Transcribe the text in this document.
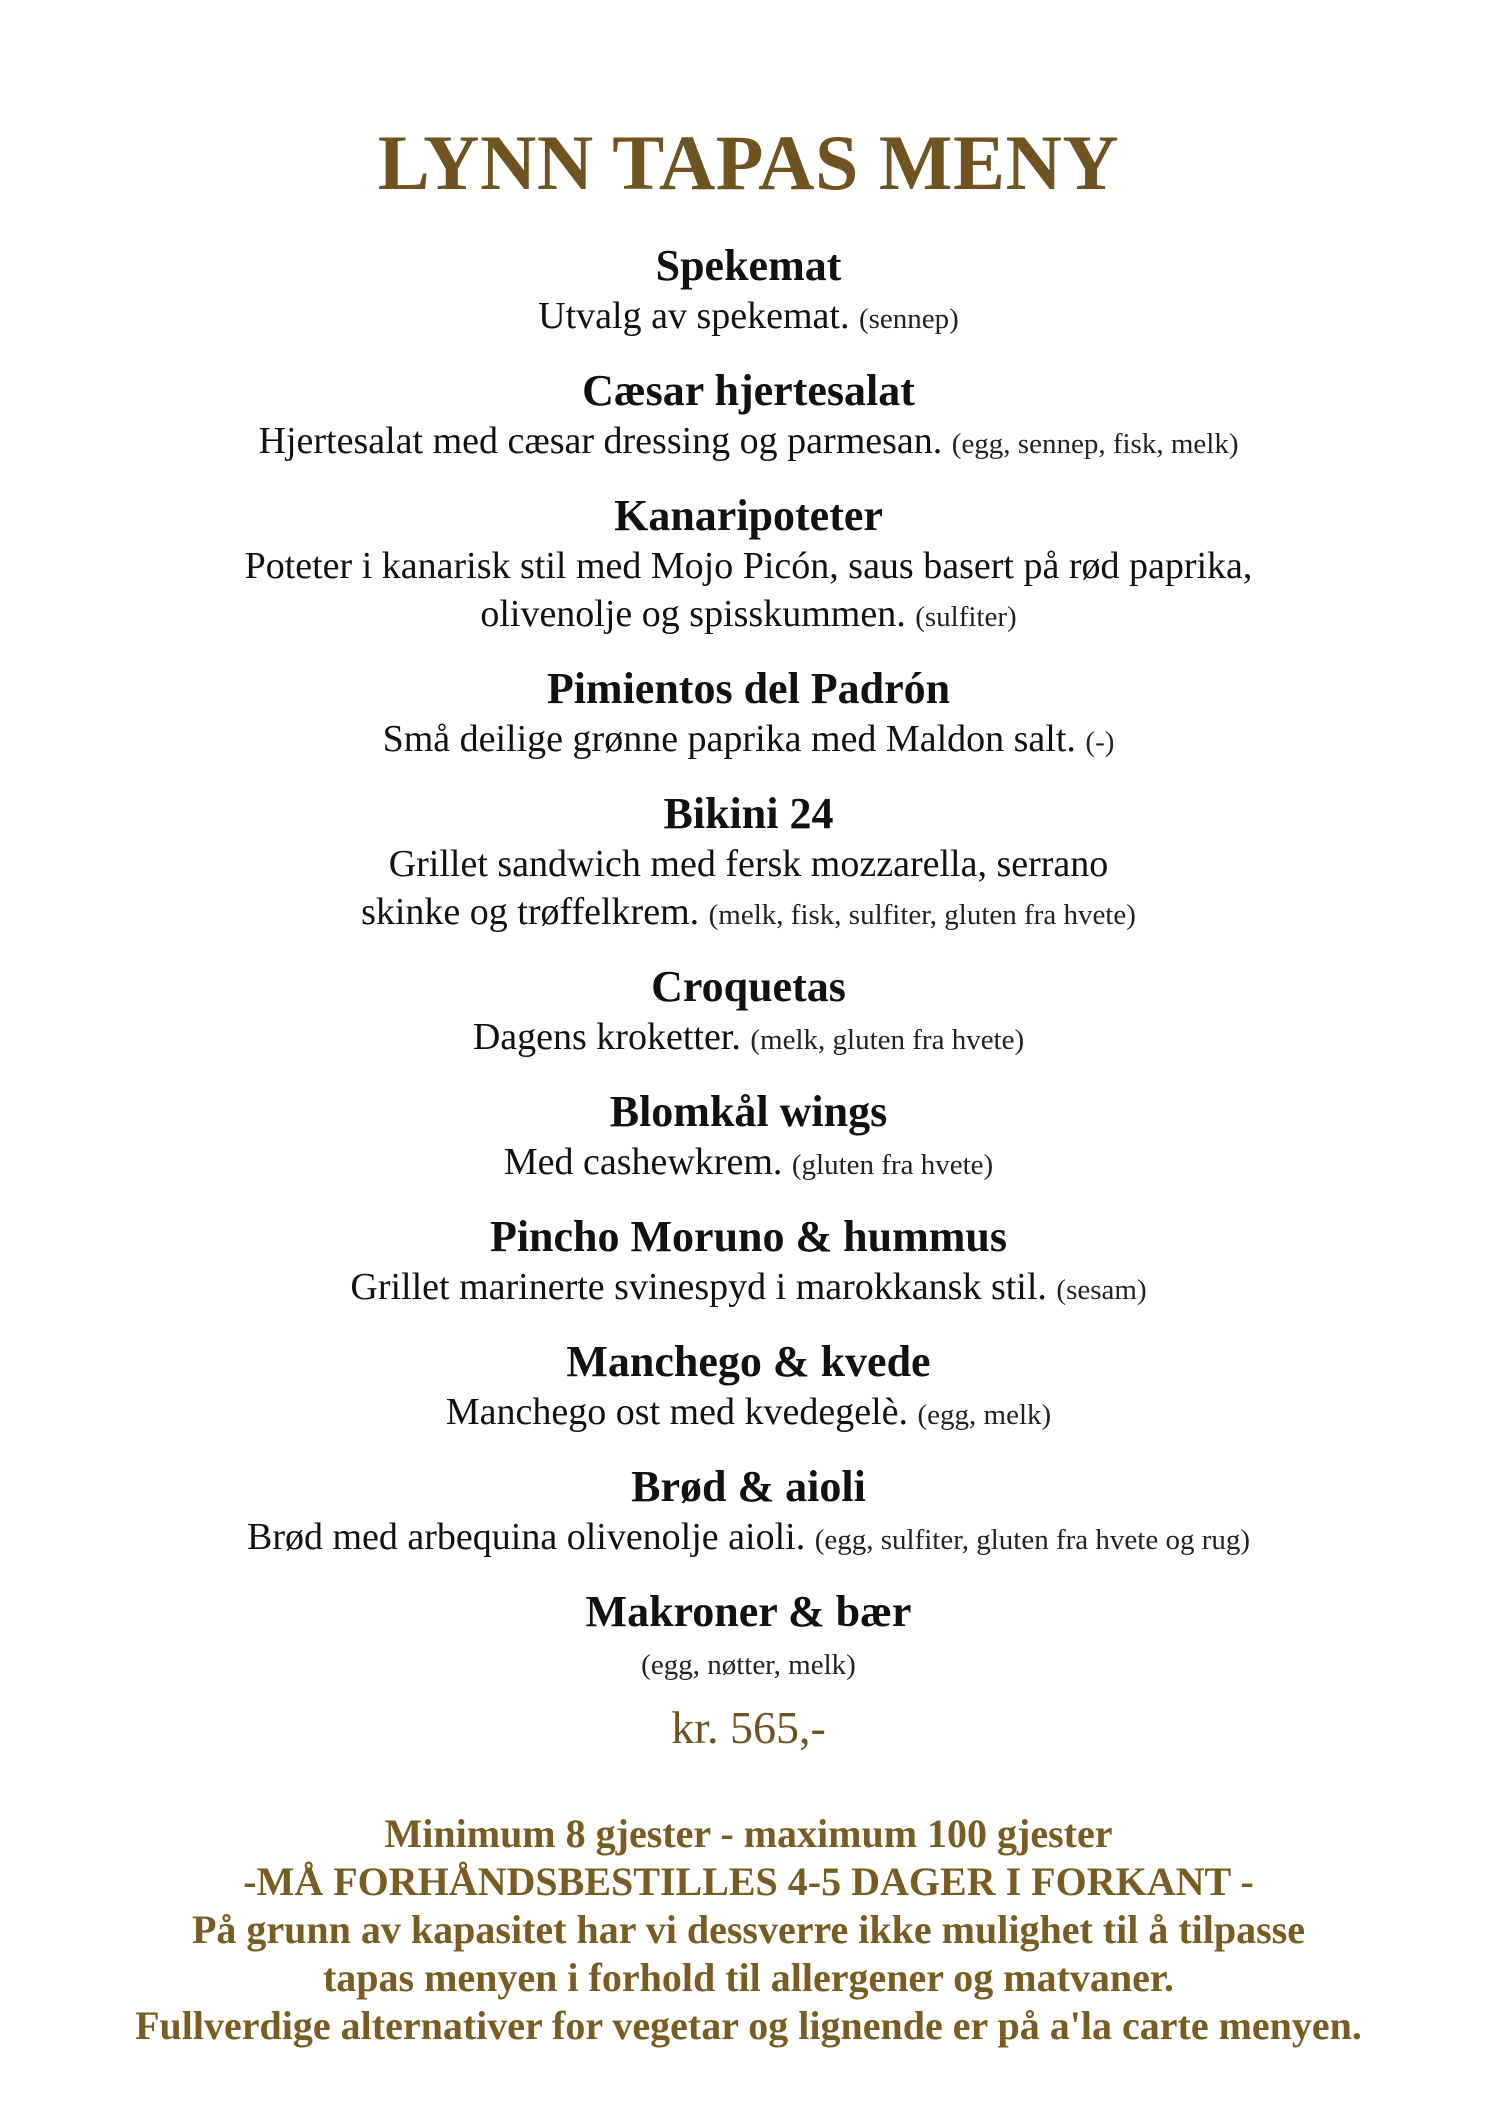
LYNN TAPAS MENY
Spekemat
Utvalg av spekemat. (sennep)
Cæsar hjertesalat
Hjertesalat med cæsar dressing og parmesan. (egg, sennep, fisk, melk)
Kanaripoteter
Poteter i kanarisk stil med Mojo Picón, saus basert på rød paprika,
olivenolje og spisskummen. (sulfiter)
Pimientos del Padrón
Små deilige grønne paprika med Maldon salt. (-)
Bikini 24
Grillet sandwich med fersk mozzarella, serrano
skinke og trøffelkrem. (melk, fisk, sulfiter, gluten fra hvete)
Croquetas
Dagens kroketter. (melk, gluten fra hvete)
Blomkål wings
Med cashewkrem. (gluten fra hvete)
Pincho Moruno & hummus
Grillet marinerte svinespyd i marokkansk stil. (sesam)
Manchego & kvede
Manchego ost med kvedegelè. (egg, melk)
Brød & aioli
Brød med arbequina olivenolje aioli. (egg, sulfiter, gluten fra hvete og rug)
Makroner & bær
(egg, nøtter, melk)
kr. 565,-
Minimum 8 gjester - maximum 100 gjester
-MÅ FORHÅNDSBESTILLES 4-5 DAGER I FORKANT -
På grunn av kapasitet har vi dessverre ikke mulighet til å tilpasse
tapas menyen i forhold til allergener og matvaner.
Fullverdige alternativer for vegetar og lignende er på a'la carte menyen.
